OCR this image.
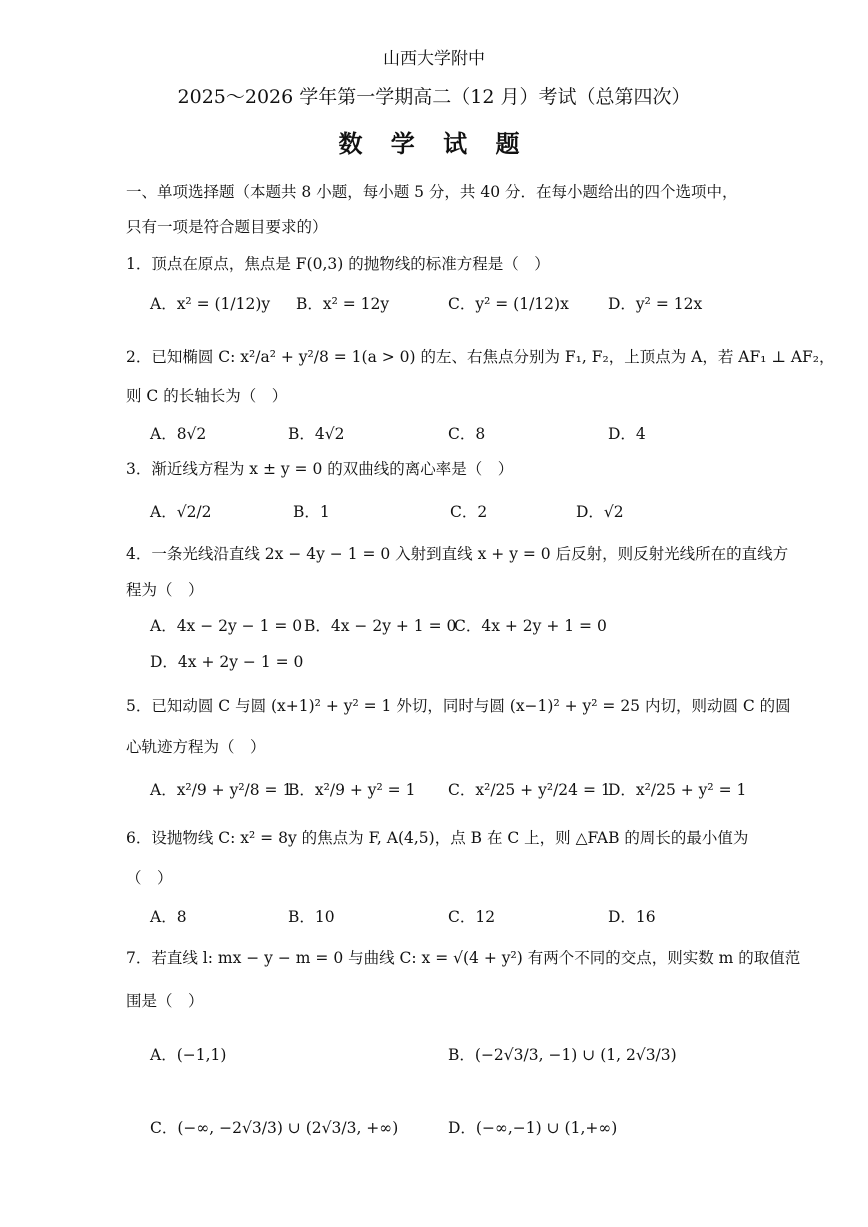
山西大学附中
2025～2026 学年第一学期高二（12 月）考试（总第四次）
数 学 试 题
一、单项选择题（本题共 8 小题，每小题 5 分，共 40 分．在每小题给出的四个选项中，
只有一项是符合题目要求的）
1．顶点在原点，焦点是 F(0,3) 的抛物线的标准方程是（　）
A．x² = (1/12)y B．x² = 12y	C．y² = (1/12)x	D．y² = 12x
2．已知椭圆 C: x²/a² + y²/8 = 1(a > 0) 的左、右焦点分别为 F₁, F₂，上顶点为 A，若 AF₁ ⊥ AF₂，
则 C 的长轴长为（　）
A．8√2	B．4√2	C．8	D．4
3．渐近线方程为 x ± y = 0 的双曲线的离心率是（　）
A．√2/2	B．1	C．2	D．√2
4．一条光线沿直线 2x − 4y − 1 = 0 入射到直线 x + y = 0 后反射，则反射光线所在的直线方
程为（　）
A．4x − 2y − 1 = 0 B．4x − 2y + 1 = 0
C．4x + 2y + 1 = 0
D．4x + 2y − 1 = 0
5．已知动圆 C 与圆 (x+1)² + y² = 1 外切，同时与圆 (x−1)² + y² = 25 内切，则动圆 C 的圆
心轨迹方程为（　）
A．x²/9 + y²/8 = 1
B．x²/9 + y² = 1 C．x²/25 + y²/24 = 1
D．x²/25 + y² = 1
6．设抛物线 C: x² = 8y 的焦点为 F, A(4,5)，点 B 在 C 上，则 △FAB 的周长的最小值为
（　）
A．8	B．10	C．12	D．16
7．若直线 l: mx − y − m = 0 与曲线 C: x = √(4 + y²) 有两个不同的交点，则实数 m 的取值范
围是（　）
A．(−1,1)	B．(−2√3/3, −1) ∪ (1, 2√3/3)
C．(−∞, −2√3/3) ∪ (2√3/3, +∞)	D．(−∞,−1) ∪ (1,+∞)
